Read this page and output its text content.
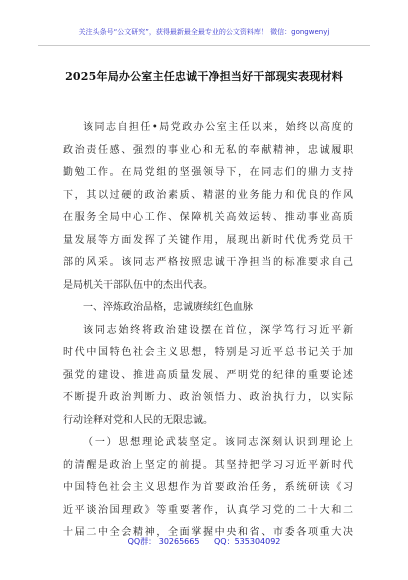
关注头条号“公文研究”，获得最新最全最专业的公文资料库！ 微信：gongwenyj
2025年局办公室主任忠诚干净担当好干部现实表现材料
该同志自担任•局党政办公室主任以来，始终以高度的
政治责任感、强烈的事业心和无私的奉献精神，忠诚履职
勤勉工作。在局党组的坚强领导下，在同志们的鼎力支持
下，其以过硬的政治素质、精湛的业务能力和优良的作风
在服务全局中心工作、保障机关高效运转、推动事业高质
量发展等方面发挥了关键作用，展现出新时代优秀党员干
部的风采。该同志严格按照忠诚干净担当的标准要求自己
是局机关干部队伍中的杰出代表。
一、淬炼政治品格，忠诚赓续红色血脉
该同志始终将政治建设摆在首位，深学笃行习近平新
时代中国特色社会主义思想，特别是习近平总书记关于加
强党的建设、推进高质量发展、严明党的纪律的重要论述
不断提升政治判断力、政治领悟力、政治执行力，以实际
行动诠释对党和人民的无限忠诚。
（一）思想理论武装坚定。该同志深刻认识到理论上
的清醒是政治上坚定的前提。其坚持把学习习近平新时代
中国特色社会主义思想作为首要政治任务，系统研读《习
近平谈治国理政》等重要著作，认真学习党的二十大和二
十届二中全会精神，全面掌握中央和省、市委各项重大决
QQ群： 30265665 QQ：535304092
